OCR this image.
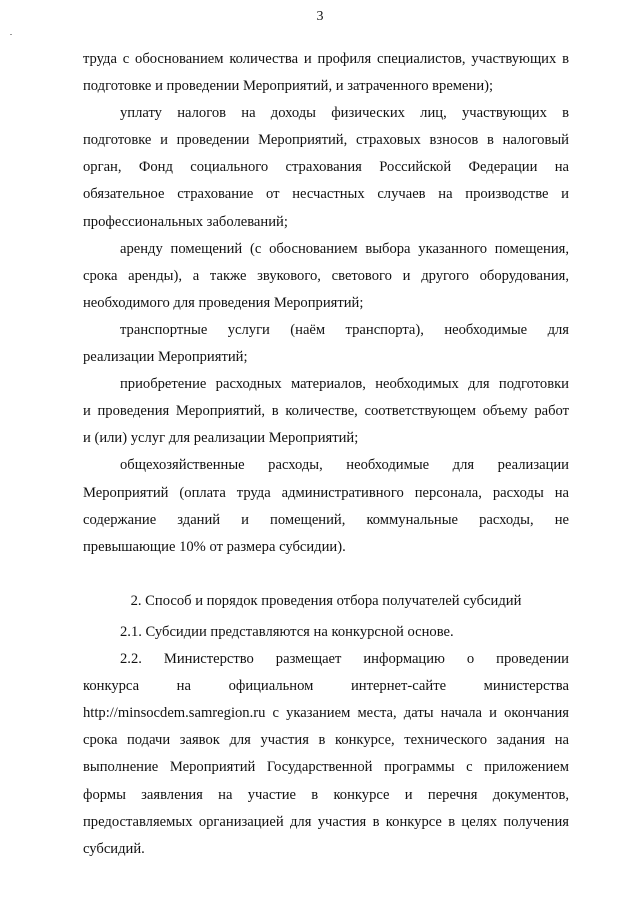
3
труда с обоснованием количества и профиля специалистов, участвующих в
подготовке и проведении Мероприятий, и затраченного времени);
уплату налогов на доходы физических лиц, участвующих в
подготовке и проведении Мероприятий, страховых взносов в налоговый
орган, Фонд социального страхования Российской Федерации на
обязательное страхование от несчастных случаев на производстве и
профессиональных заболеваний;
аренду помещений (с обоснованием выбора указанного помещения,
срока аренды), а также звукового, светового и другого оборудования,
необходимого для проведения Мероприятий;
транспортные услуги (наём транспорта), необходимые для
реализации Мероприятий;
приобретение расходных материалов, необходимых для подготовки
и проведения Мероприятий, в количестве, соответствующем объему работ
и (или) услуг для реализации Мероприятий;
общехозяйственные расходы, необходимые для реализации
Мероприятий (оплата труда административного персонала, расходы на
содержание зданий и помещений, коммунальные расходы, не
превышающие 10% от размера субсидии).
2. Способ и порядок проведения отбора получателей субсидий
2.1. Субсидии представляются на конкурсной основе.
2.2. Министерство размещает информацию о проведении
конкурса на официальном интернет-сайте министерства
http://minsocdem.samregion.ru с указанием места, даты начала и окончания
срока подачи заявок для участия в конкурсе, технического задания на
выполнение Мероприятий Государственной программы с приложением
формы заявления на участие в конкурсе и перечня документов,
предоставляемых организацией для участия в конкурсе в целях получения
субсидий.
